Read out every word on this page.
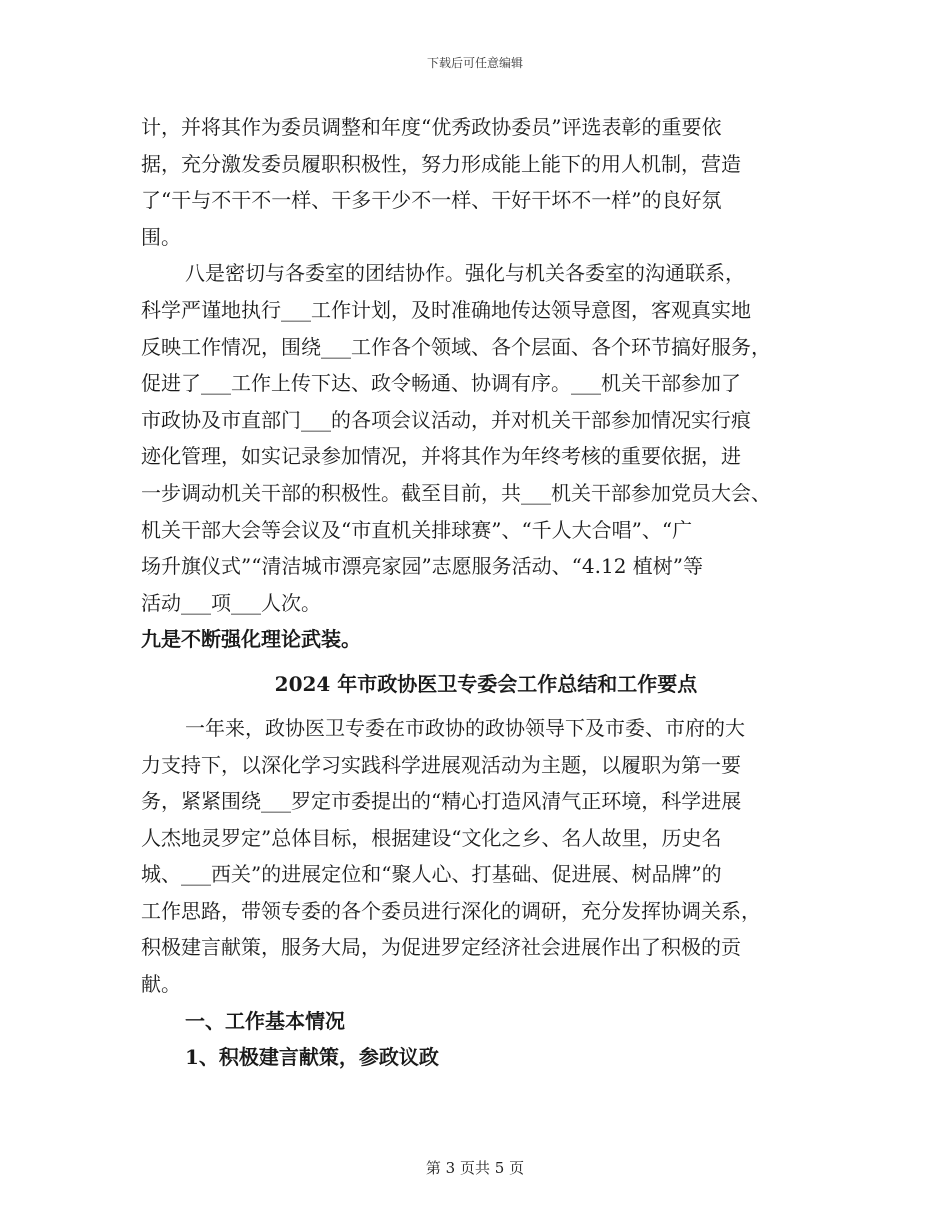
下载后可任意编辑
计，并将其作为委员调整和年度“优秀政协委员”评选表彰的重要依
据，充分激发委员履职积极性，努力形成能上能下的用人机制，营造
了“干与不干不一样、干多干少不一样、干好干坏不一样”的良好氛
围。
八是密切与各委室的团结协作。强化与机关各委室的沟通联系，
科学严谨地执行___工作计划，及时准确地传达领导意图，客观真实地
反映工作情况，围绕___工作各个领域、各个层面、各个环节搞好服务，
促进了___工作上传下达、政令畅通、协调有序。___机关干部参加了
市政协及市直部门___的各项会议活动，并对机关干部参加情况实行痕
迹化管理，如实记录参加情况，并将其作为年终考核的重要依据，进
一步调动机关干部的积极性。截至目前，共___机关干部参加党员大会、
机关干部大会等会议及“市直机关排球赛”、“千人大合唱”、“广
场升旗仪式”“清洁城市漂亮家园”志愿服务活动、“4.12 植树”等
活动___项___人次。
九是不断强化理论武装。
2024 年市政协医卫专委会工作总结和工作要点
一年来，政协医卫专委在市政协的政协领导下及市委、市府的大
力支持下，以深化学习实践科学进展观活动为主题，以履职为第一要
务，紧紧围绕___罗定市委提出的“精心打造风清气正环境，科学进展
人杰地灵罗定”总体目标，根据建设“文化之乡、名人故里，历史名
城、___西关”的进展定位和“聚人心、打基础、促进展、树品牌”的
工作思路，带领专委的各个委员进行深化的调研，充分发挥协调关系，
积极建言献策，服务大局，为促进罗定经济社会进展作出了积极的贡
献。
一、工作基本情况
1、积极建言献策，参政议政
第 3 页共 5 页
